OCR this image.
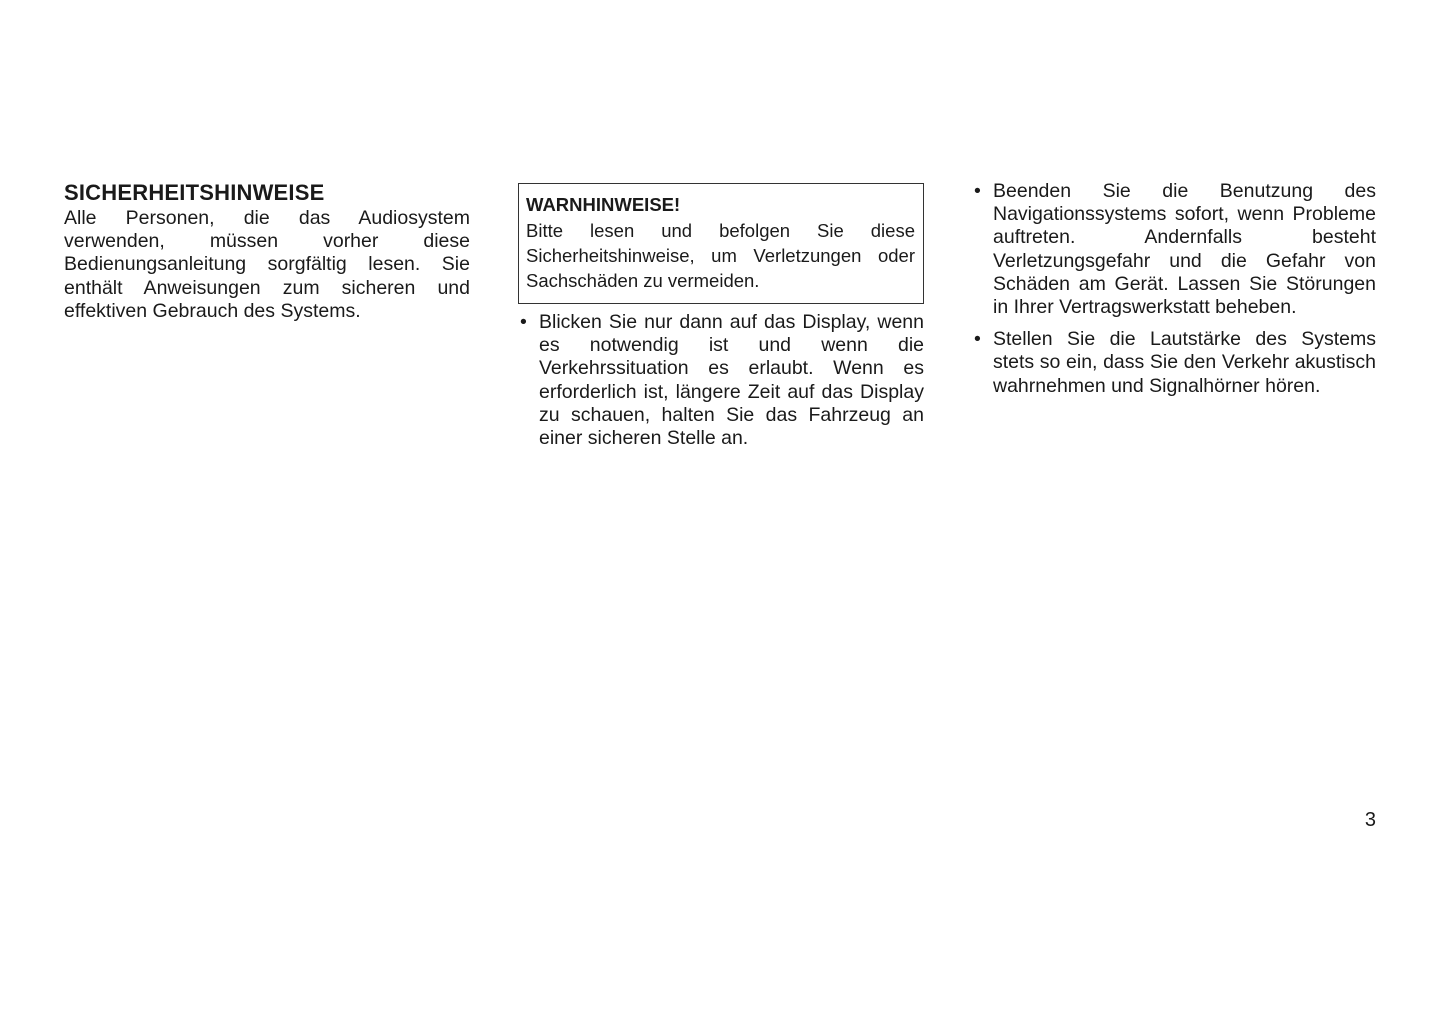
SICHERHEITSHINWEISE

Alle Personen, die das Audiosystem verwenden, müssen vorher diese Bedienungsanleitung sorgfältig lesen. Sie enthält Anweisungen zum sicheren und effektiven Gebrauch des Systems.

WARNHINWEISE!

Bitte lesen und befolgen Sie diese Sicherheitshinweise, um Verletzungen oder Sachschäden zu vermeiden.

• Blicken Sie nur dann auf das Display, wenn es notwendig ist und wenn die Verkehrssituation es erlaubt. Wenn es erforderlich ist, längere Zeit auf das Display zu schauen, halten Sie das Fahrzeug an einer sicheren Stelle an.
• Beenden Sie die Benutzung des Navigationssystems sofort, wenn Probleme auftreten. Andernfalls besteht Verletzungsgefahr und die Gefahr von Schäden am Gerät. Lassen Sie Störungen in Ihrer Vertragswerkstatt beheben.
• Stellen Sie die Lautstärke des Systems stets so ein, dass Sie den Verkehr akustisch wahrnehmen und Signalhörner hören.
3
